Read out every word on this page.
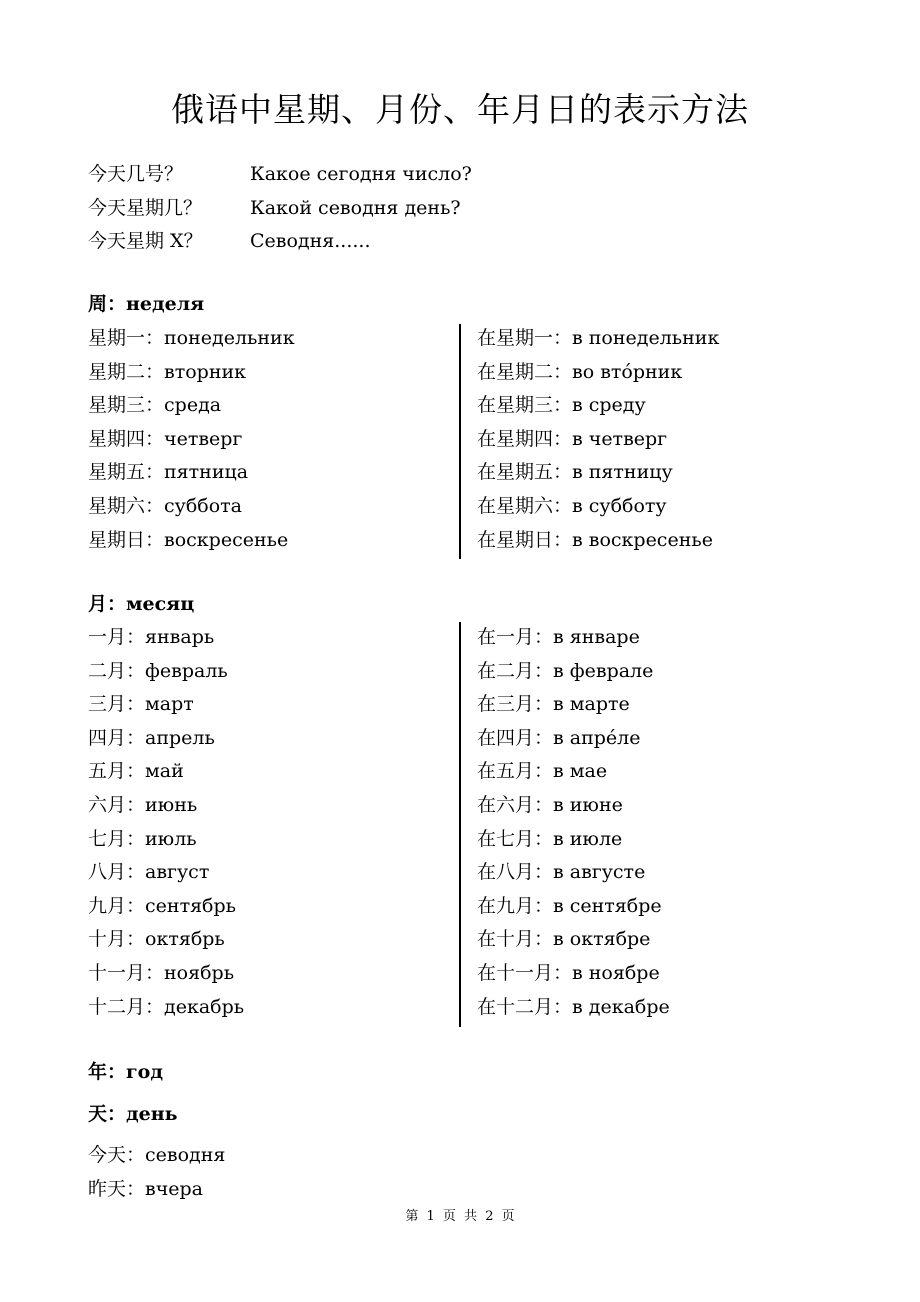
俄语中星期、月份、年月日的表示方法
今天几号？	Какое сегодня число?
今天星期几？	Какой севодня день?
今天星期 X？ Севодня......
周：неделя
星期一：понедельник
星期二：вторник
星期三：среда
星期四：четверг
星期五：пятница
星期六：суббота
星期日：воскресенье
在星期一：в понедельник
在星期二：во вто́рник
在星期三：в среду
在星期四：в четверг
在星期五：в пятницу
在星期六：в субботу
在星期日：в воскресенье
月：месяц
一月：январь
二月：февраль
三月：март
四月：апрель
五月：май
六月：июнь
七月：июль
八月：август
九月：сентябрь
十月：октябрь
十一月：ноябрь
十二月：декабрь
在一月：в январе
在二月：в феврале
在三月：в марте
在四月：в апре́ле
在五月：в мае
在六月：в июне
在七月：в июле
在八月：в августе
在九月：в сентябре
在十月：в октябре
在十一月：в ноябре
在十二月：в декабре
年：год
天：день
今天：севодня
昨天：вчера
第 1 页 共 2 页
